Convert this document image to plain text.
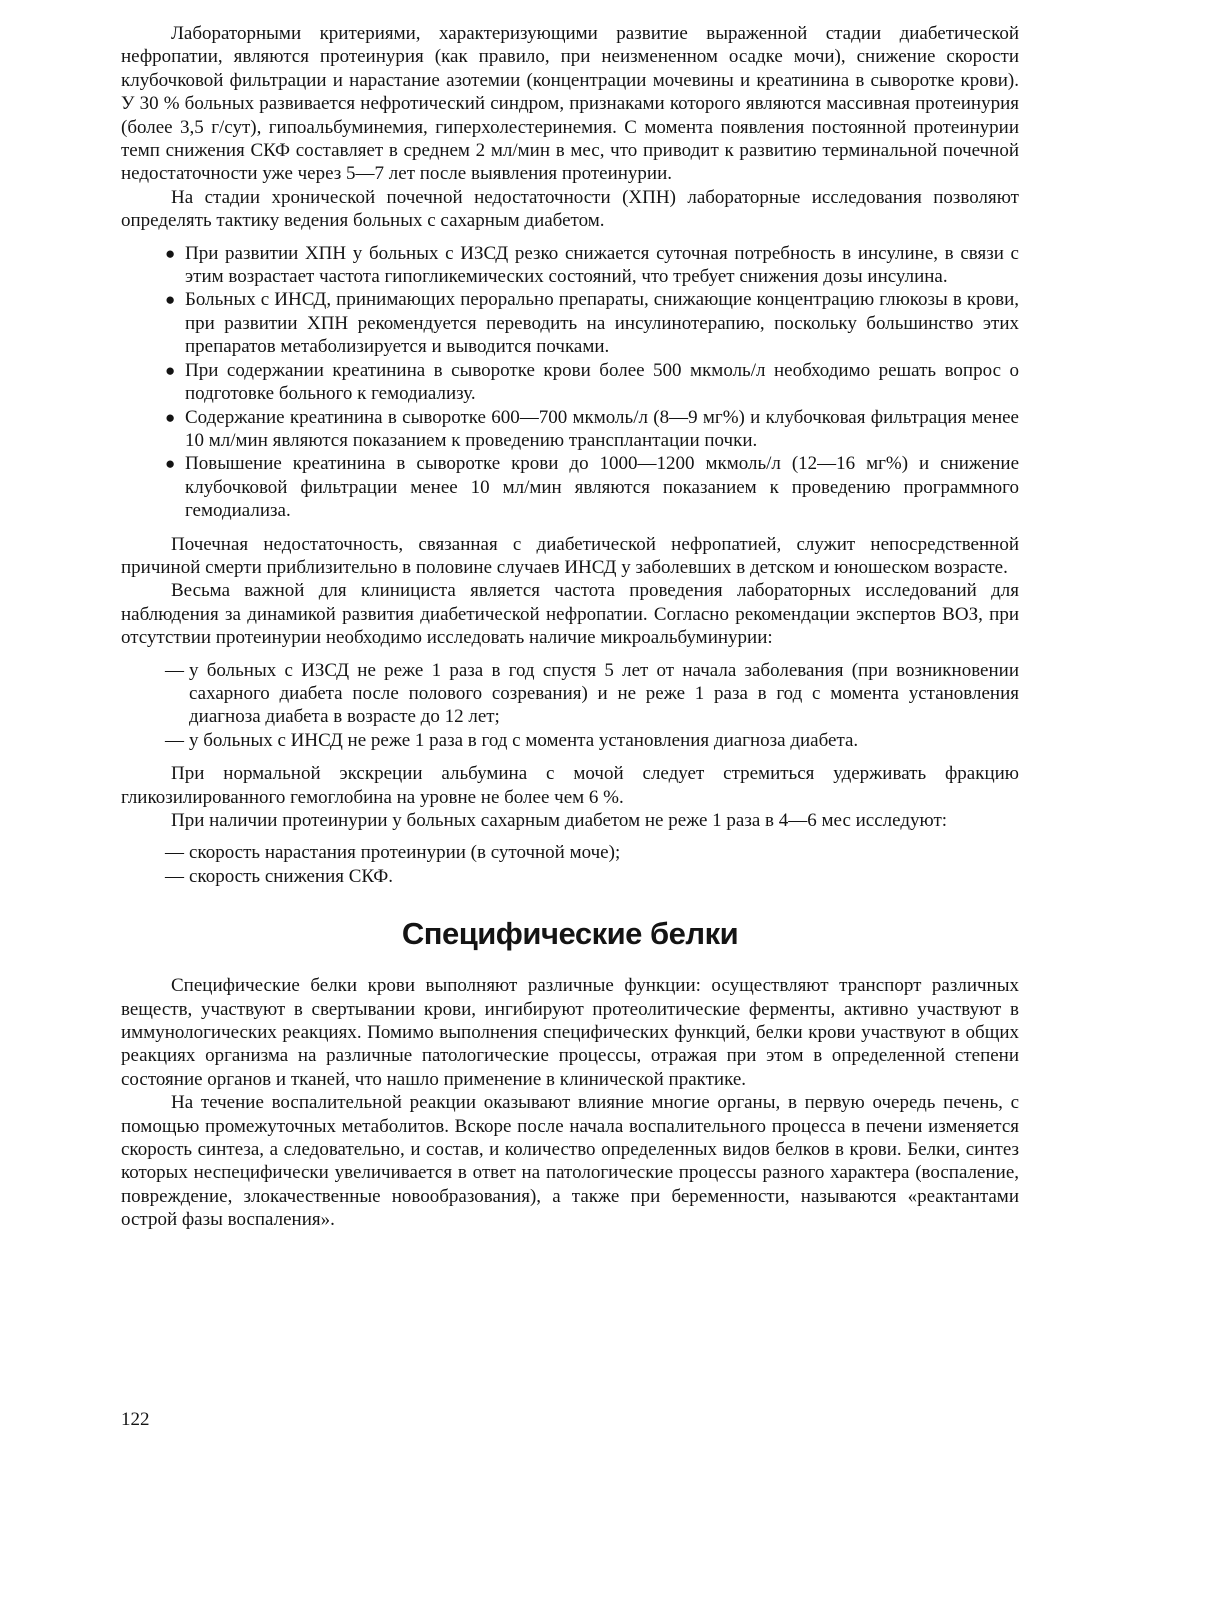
Лабораторными критериями, характеризующими развитие выраженной стадии диабетической нефропатии, являются протеинурия (как правило, при неизмененном осадке мочи), снижение скорости клубочковой фильтрации и нарастание азотемии (концентрации мочевины и креатинина в сыворотке крови). У 30 % больных развивается нефротический синдром, признаками которого являются массивная протеинурия (более 3,5 г/сут), гипоальбуминемия, гиперхолестеринемия. С момента появления постоянной протеинурии темп снижения СКФ составляет в среднем 2 мл/мин в мес, что приводит к развитию терминальной почечной недостаточности уже через 5—7 лет после выявления протеинурии.

На стадии хронической почечной недостаточности (ХПН) лабораторные исследования позволяют определять тактику ведения больных с сахарным диабетом.

● При развитии ХПН у больных с ИЗСД резко снижается суточная потребность в инсулине, в связи с этим возрастает частота гипогликемических состояний, что требует снижения дозы инсулина.
● Больных с ИНСД, принимающих перорально препараты, снижающие концентрацию глюкозы в крови, при развитии ХПН рекомендуется переводить на инсулинотерапию, поскольку большинство этих препаратов метаболизируется и выводится почками.
● При содержании креатинина в сыворотке крови более 500 мкмоль/л необходимо решать вопрос о подготовке больного к гемодиализу.
● Содержание креатинина в сыворотке 600—700 мкмоль/л (8—9 мг%) и клубочковая фильтрация менее 10 мл/мин являются показанием к проведению трансплантации почки.
● Повышение креатинина в сыворотке крови до 1000—1200 мкмоль/л (12—16 мг%) и снижение клубочковой фильтрации менее 10 мл/мин являются показанием к проведению программного гемодиализа.

Почечная недостаточность, связанная с диабетической нефропатией, служит непосредственной причиной смерти приблизительно в половине случаев ИНСД у заболевших в детском и юношеском возрасте.

Весьма важной для клинициста является частота проведения лабораторных исследований для наблюдения за динамикой развития диабетической нефропатии. Согласно рекомендации экспертов ВОЗ, при отсутствии протеинурии необходимо исследовать наличие микроальбуминурии:

— у больных с ИЗСД не реже 1 раза в год спустя 5 лет от начала заболевания (при возникновении сахарного диабета после полового созревания) и не реже 1 раза в год с момента установления диагноза диабета в возрасте до 12 лет;
— у больных с ИНСД не реже 1 раза в год с момента установления диагноза диабета.

При нормальной экскреции альбумина с мочой следует стремиться удерживать фракцию гликозилированного гемоглобина на уровне не более чем 6 %.

При наличии протеинурии у больных сахарным диабетом не реже 1 раза в 4—6 мес исследуют:

— скорость нарастания протеинурии (в суточной моче);
— скорость снижения СКФ.
Специфические белки

Специфические белки крови выполняют различные функции: осуществляют транспорт различных веществ, участвуют в свертывании крови, ингибируют протеолитические ферменты, активно участвуют в иммунологических реакциях. Помимо выполнения специфических функций, белки крови участвуют в общих реакциях организма на различные патологические процессы, отражая при этом в определенной степени состояние органов и тканей, что нашло применение в клинической практике.

На течение воспалительной реакции оказывают влияние многие органы, в первую очередь печень, с помощью промежуточных метаболитов. Вскоре после начала воспалительного процесса в печени изменяется скорость синтеза, а следовательно, и состав, и количество определенных видов белков в крови. Белки, синтез которых неспецифически увеличивается в ответ на патологические процессы разного характера (воспаление, повреждение, злокачественные новообразования), а также при беременности, называются «реактантами острой фазы воспаления».

122
